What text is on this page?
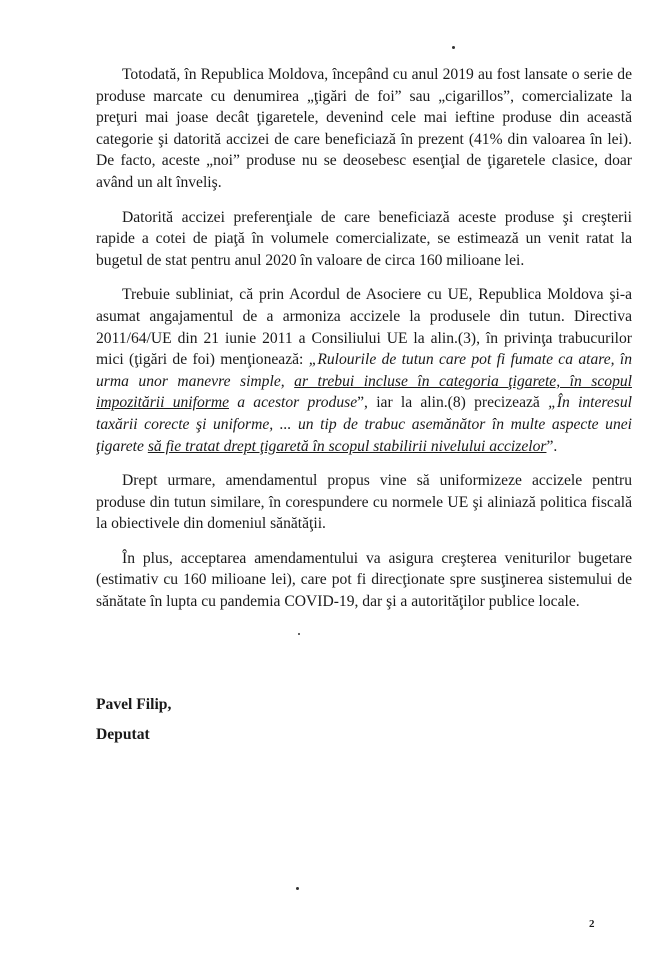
Totodată, în Republica Moldova, începând cu anul 2019 au fost lansate o serie de produse marcate cu denumirea „ţigări de foi” sau „cigarillos”, comercializate la preţuri mai joase decât ţigaretele, devenind cele mai ieftine produse din această categorie şi datorită accizei de care beneficiază în prezent (41% din valoarea în lei). De facto, aceste „noi” produse nu se deosebesc esenţial de ţigaretele clasice, doar având un alt înveliş.

Datorită accizei preferenţiale de care beneficiază aceste produse şi creşterii rapide a cotei de piaţă în volumele comercializate, se estimează un venit ratat la bugetul de stat pentru anul 2020 în valoare de circa 160 milioane lei.

Trebuie subliniat, că prin Acordul de Asociere cu UE, Republica Moldova şi-a asumat angajamentul de a armoniza accizele la produsele din tutun. Directiva 2011/64/UE din 21 iunie 2011 a Consiliului UE la alin.(3), în privinţa trabucurilor mici (ţigări de foi) menţionează: „Rulourile de tutun care pot fi fumate ca atare, în urma unor manevre simple, ar trebui incluse în categoria ţigarete, în scopul impozitării uniforme a acestor produse”, iar la alin.(8) precizează „În interesul taxării corecte şi uniforme, ... un tip de trabuc asemănător în multe aspecte unei ţigarete să fie tratat drept ţigaretă în scopul stabilirii nivelului accizelor”.

Drept urmare, amendamentul propus vine să uniformizeze accizele pentru produse din tutun similare, în corespundere cu normele UE şi aliniază politica fiscală la obiectivele din domeniul sănătăţii.

În plus, acceptarea amendamentului va asigura creşterea veniturilor bugetare (estimativ cu 160 milioane lei), care pot fi direcţionate spre susţinerea sistemului de sănătate în lupta cu pandemia COVID-19, dar şi a autorităţilor publice locale.

Pavel Filip,
Deputat
2
